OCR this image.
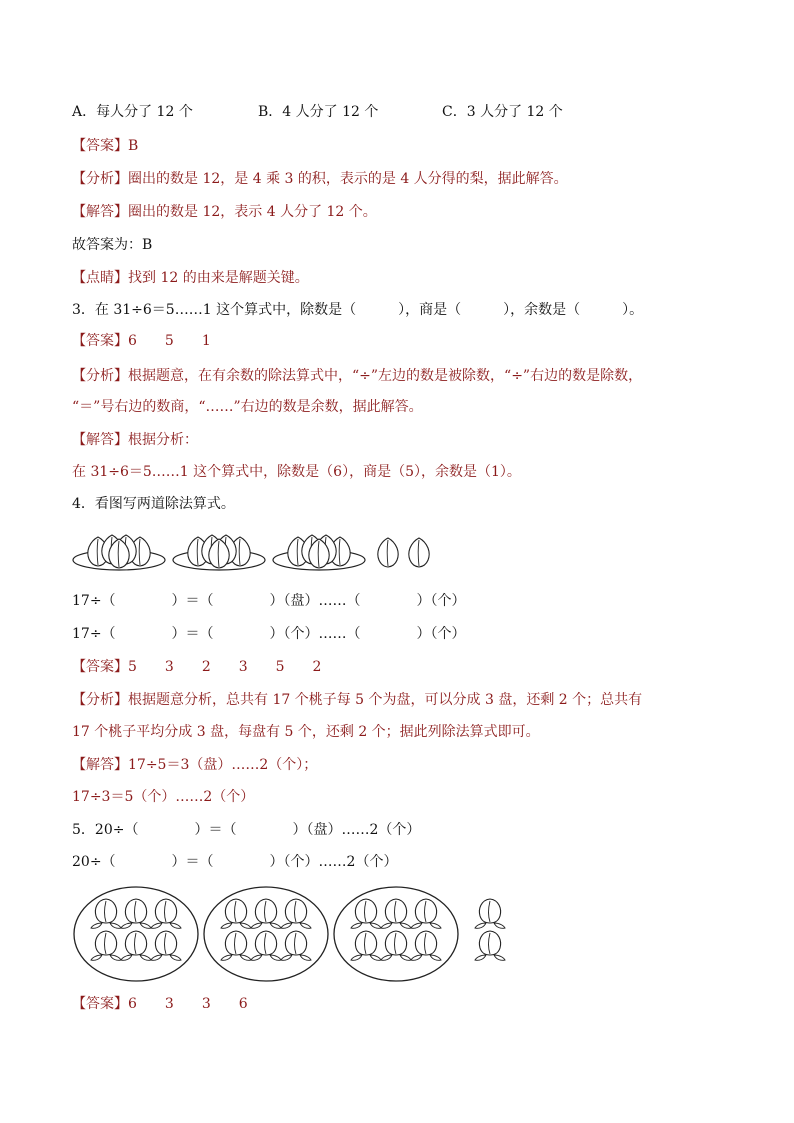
A．每人分了 12 个	B．4 人分了 12 个	C．3 人分了 12 个
【答案】B
【分析】圈出的数是 12，是 4 乘 3 的积，表示的是 4 人分得的梨，据此解答。
【解答】圈出的数是 12，表示 4 人分了 12 个。
故答案为：B
【点睛】找到 12 的由来是解题关键。
3．在 31÷6＝5……1 这个算式中，除数是（　　　），商是（　　　），余数是（　　　）。
【答案】6　　5　　1
【分析】根据题意，在有余数的除法算式中，“÷”左边的数是被除数，“÷”右边的数是除数，
“＝”号右边的数商，“……”右边的数是余数，据此解答。
【解答】根据分析：
在 31÷6＝5……1 这个算式中，除数是（6），商是（5），余数是（1）。
4．看图写两道除法算式。
17÷（　　　　）＝（　　　　）（盘）……（　　　　）（个）
17÷（　　　　）＝（　　　　）（个）……（　　　　）（个）
【答案】5　　3　　2　　3　　5　　2
【分析】根据题意分析，总共有 17 个桃子每 5 个为盘，可以分成 3 盘，还剩 2 个；总共有
17 个桃子平均分成 3 盘，每盘有 5 个，还剩 2 个；据此列除法算式即可。
【解答】17÷5＝3（盘）……2（个）；
17÷3＝5（个）……2（个）
5．20÷（　　　　）＝（　　　　）（盘）……2（个）
20÷（　　　　）＝（　　　　）（个）……2（个）
【答案】6　　3　　3　　6
